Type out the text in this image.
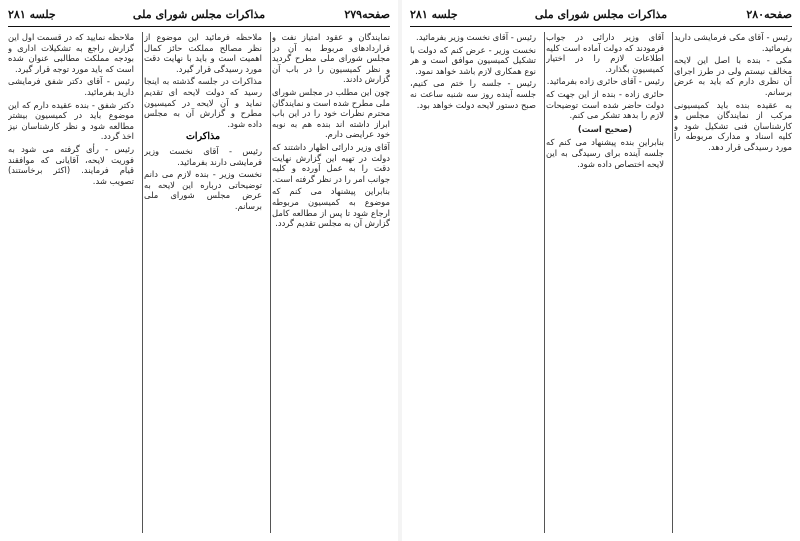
صفحه۲۷۹
مذاکرات مجلس شورای ملی
جلسه ۲۸۱

نمایندگان و عقود امتیاز نفت و قراردادهای مربوط به آن در مجلس شورای ملی مطرح گردید و نظر کمیسیون را در باب آن گزارش دادند.

چون این مطلب در مجلس شورای ملی مطرح شده است و نمایندگان محترم نظرات خود را در این باب ابراز داشته اند بنده هم به نوبه خود عرایضی دارم.

آقای وزیر دارائی اظهار داشتند که دولت در تهیه این گزارش نهایت دقت را به عمل آورده و کلیه جوانب امر را در نظر گرفته است.

بنابراین پیشنهاد می کنم که موضوع به کمیسیون مربوطه ارجاع شود تا پس از مطالعه کامل گزارش آن به مجلس تقدیم گردد.

ملاحظه فرمائید این موضوع از نظر مصالح مملکت حائز کمال اهمیت است و باید با نهایت دقت مورد رسیدگی قرار گیرد.

مذاکرات در جلسه گذشته به اینجا رسید که دولت لایحه ای تقدیم نماید و آن لایحه در کمیسیون مطرح و گزارش آن به مجلس داده شود.

مذاکرات

رئیس - آقای نخست وزیر فرمایشی دارند بفرمائید.

نخست وزیر - بنده لازم می دانم توضیحاتی درباره این لایحه به عرض مجلس شورای ملی برسانم.

ملاحظه نمایید که در قسمت اول این گزارش راجع به تشکیلات اداری و بودجه مملکت مطالبی عنوان شده است که باید مورد توجه قرار گیرد.

رئیس - آقای دکتر شفق فرمایشی دارید بفرمائید.

دکتر شفق - بنده عقیده دارم که این موضوع باید در کمیسیون بیشتر مطالعه شود و نظر کارشناسان نیز اخذ گردد.

رئیس - رأی گرفته می شود به فوریت لایحه، آقایانی که موافقند قیام فرمایند. (اکثر برخاستند) تصویب شد.

صفحه۲۸۰
مذاکرات مجلس شورای ملی
جلسه ۲۸۱

رئیس - آقای مکی فرمایشی دارید بفرمائید.

مکی - بنده با اصل این لایحه مخالف نیستم ولی در طرز اجرای آن نظری دارم که باید به عرض برسانم.

به عقیده بنده باید کمیسیونی مرکب از نمایندگان مجلس و کارشناسان فنی تشکیل شود و کلیه اسناد و مدارک مربوطه را مورد رسیدگی قرار دهد.

آقای وزیر دارائی در جواب فرمودند که دولت آماده است کلیه اطلاعات لازم را در اختیار کمیسیون بگذارد.

رئیس - آقای حائری زاده بفرمائید.

حائری زاده - بنده از این جهت که دولت حاضر شده است توضیحات لازم را بدهد تشکر می کنم.

(صحیح است)

بنابراین بنده پیشنهاد می کنم که جلسه آینده برای رسیدگی به این لایحه اختصاص داده شود.

رئیس - آقای نخست وزیر بفرمائید.

نخست وزیر - عرض کنم که دولت با تشکیل کمیسیون موافق است و هر نوع همکاری لازم باشد خواهد نمود.

رئیس - جلسه را ختم می کنیم، جلسه آینده روز سه شنبه ساعت نه صبح دستور لایحه دولت خواهد بود.
